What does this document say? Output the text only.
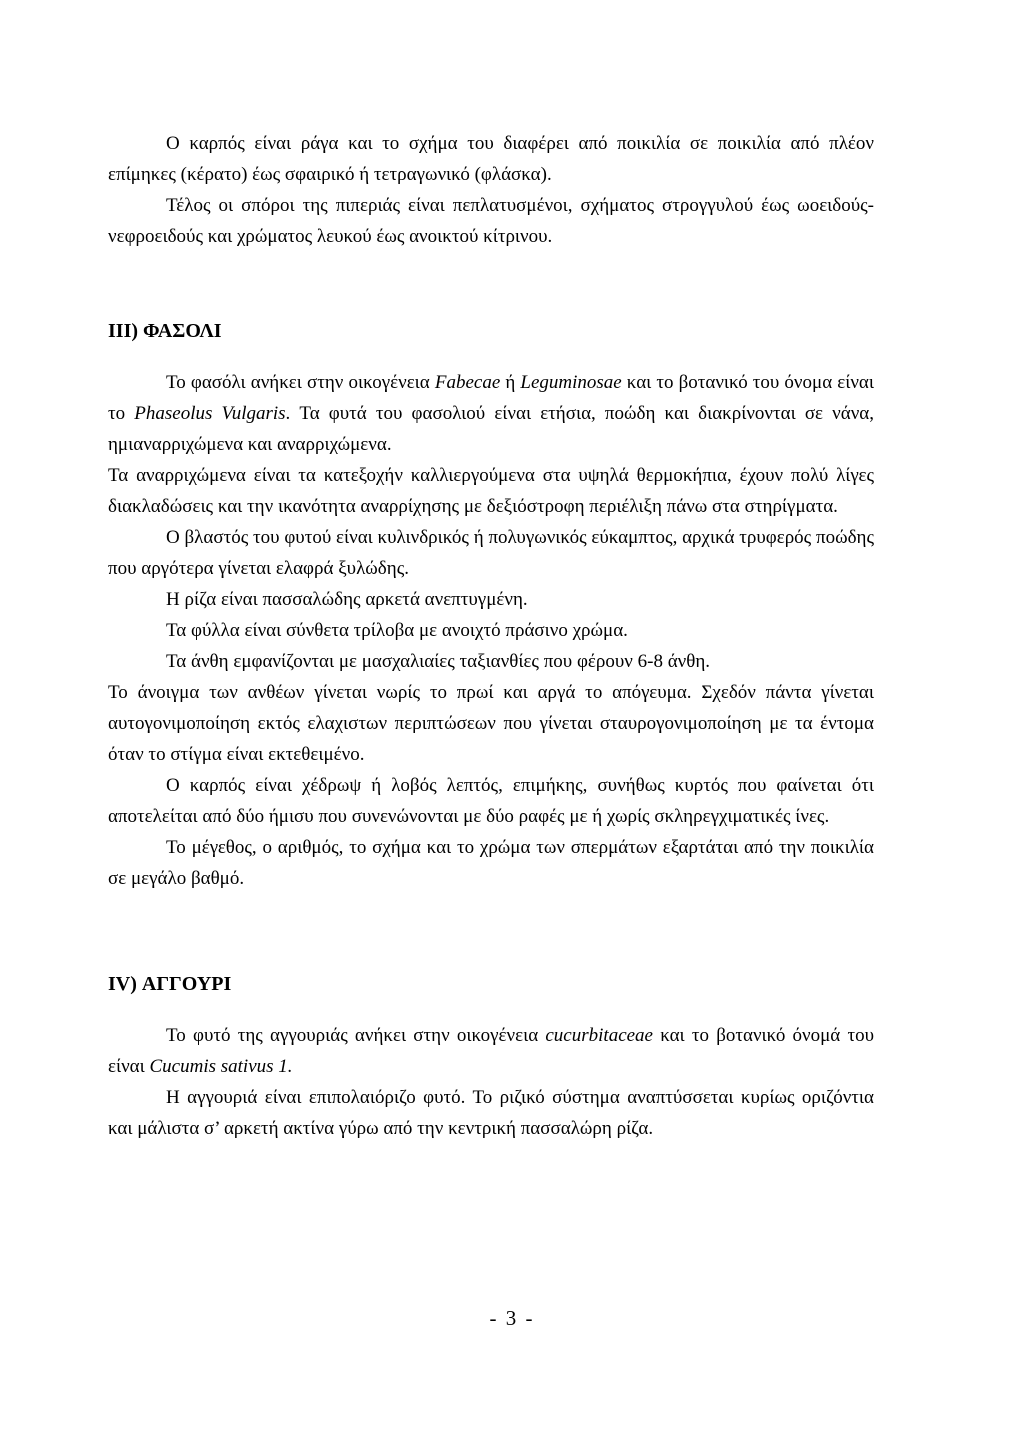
Ο καρπός είναι ράγα και το σχήμα του διαφέρει από ποικιλία σε ποικιλία από πλέον επίμηκες (κέρατο) έως σφαιρικό ή τετραγωνικό (φλάσκα).

Τέλος οι σπόροι της πιπεριάς είναι πεπλατυσμένοι, σχήματος στρογγυλού έως ωοειδούς-νεφροειδούς και χρώματος λευκού έως ανοικτού κίτρινου.

III) ΦΑΣΟΛΙ

Το φασόλι ανήκει στην οικογένεια Fabecae ή Leguminosae και το βοτανικό του όνομα είναι το Phaseolus Vulgaris. Τα φυτά του φασολιού είναι ετήσια, ποώδη και διακρίνονται σε νάνα, ημιαναρριχώμενα και αναρριχώμενα.

Τα αναρριχώμενα είναι τα κατεξοχήν καλλιεργούμενα στα υψηλά θερμοκήπια, έχουν πολύ λίγες διακλαδώσεις και την ικανότητα αναρρίχησης με δεξιόστροφη περιέλιξη πάνω στα στηρίγματα.

Ο βλαστός του φυτού είναι κυλινδρικός ή πολυγωνικός εύκαμπτος, αρχικά τρυφερός ποώδης που αργότερα γίνεται ελαφρά ξυλώδης.

Η ρίζα είναι πασσαλώδης αρκετά ανεπτυγμένη.

Τα φύλλα είναι σύνθετα τρίλοβα με ανοιχτό πράσινο χρώμα.

Τα άνθη εμφανίζονται με μασχαλιαίες ταξιανθίες που φέρουν 6-8 άνθη.

Το άνοιγμα των ανθέων γίνεται νωρίς το πρωί και αργά το απόγευμα. Σχεδόν πάντα γίνεται αυτογονιμοποίηση εκτός ελαχιστων περιπτώσεων που γίνεται σταυρογονιμοποίηση με τα έντομα όταν το στίγμα είναι εκτεθειμένο.

Ο καρπός είναι χέδρωψ ή λοβός λεπτός, επιμήκης, συνήθως κυρτός που φαίνεται ότι αποτελείται από δύο ήμισυ που συνενώνονται με δύο ραφές με ή χωρίς σκληρεγχιματικές ίνες.

Το μέγεθος, ο αριθμός, το σχήμα και το χρώμα των σπερμάτων εξαρτάται από την ποικιλία σε μεγάλο βαθμό.

IV) ΑΓΓΟΥΡΙ

Το φυτό της αγγουριάς ανήκει στην οικογένεια cucurbitaceae και το βοτανικό όνομά του είναι Cucumis sativus 1.

Η αγγουριά είναι επιπολαιόριζο φυτό. Το ριζικό σύστημα αναπτύσσεται κυρίως οριζόντια και μάλιστα σ’ αρκετή ακτίνα γύρω από την κεντρική πασσαλώρη ρίζα.

- 3 -
